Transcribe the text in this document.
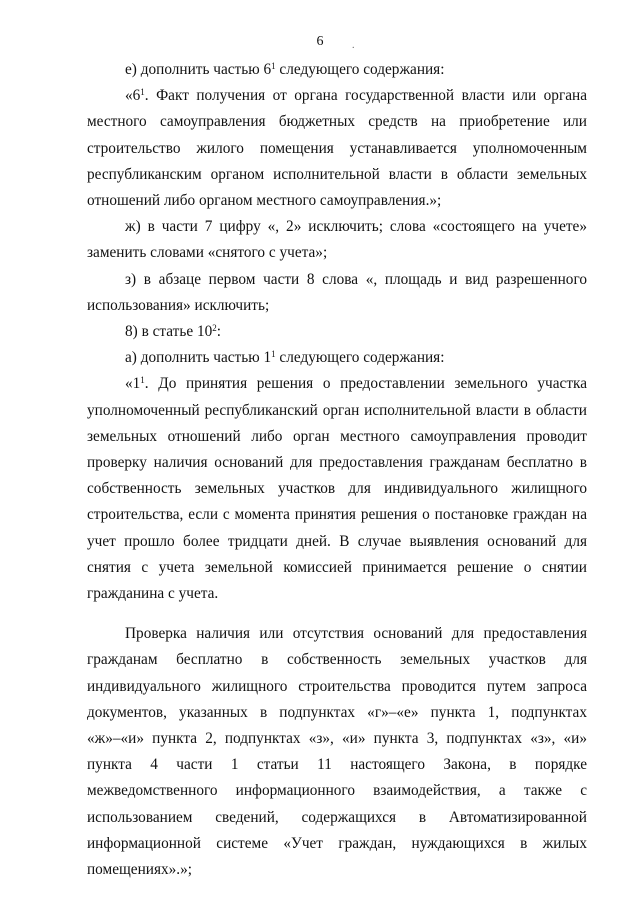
6	.

е) дополнить частью $6^1$ следующего содержания:

«$6^1$. Факт получения от органа государственной власти или органа местного самоуправления бюджетных средств на приобретение или строительство жилого помещения устанавливается уполномоченным республиканским органом исполнительной власти в области земельных отношений либо органом местного самоуправления.»;

ж) в части 7 цифру «, 2» исключить; слова «состоящего на учете» заменить словами «снятого с учета»;

з) в абзаце первом части 8 слова «, площадь и вид разрешенного использования» исключить;

8) в статье $10^2$:

а) дополнить частью $1^1$ следующего содержания:

«$1^1$. До принятия решения о предоставлении земельного участка уполномоченный республиканский орган исполнительной власти в области земельных отношений либо орган местного самоуправления проводит проверку наличия оснований для предоставления гражданам бесплатно в собственность земельных участков для индивидуального жилищного строительства, если с момента принятия решения о постановке граждан на учет прошло более тридцати дней. В случае выявления оснований для снятия с учета земельной комиссией принимается решение о снятии гражданина с учета.

Проверка наличия или отсутствия оснований для предоставления гражданам бесплатно в собственность земельных участков для индивидуального жилищного строительства проводится путем запроса документов, указанных в подпунктах «г»–«е» пункта 1, подпунктах «ж»–«и» пункта 2, подпунктах «з», «и» пункта 3, подпунктах «з», «и» пункта 4 части 1 статьи 11 настоящего Закона, в порядке межведомственного информационного взаимодействия, а также с использованием сведений, содержащихся в Автоматизированной информационной системе «Учет граждан, нуждающихся в жилых помещениях».»;
